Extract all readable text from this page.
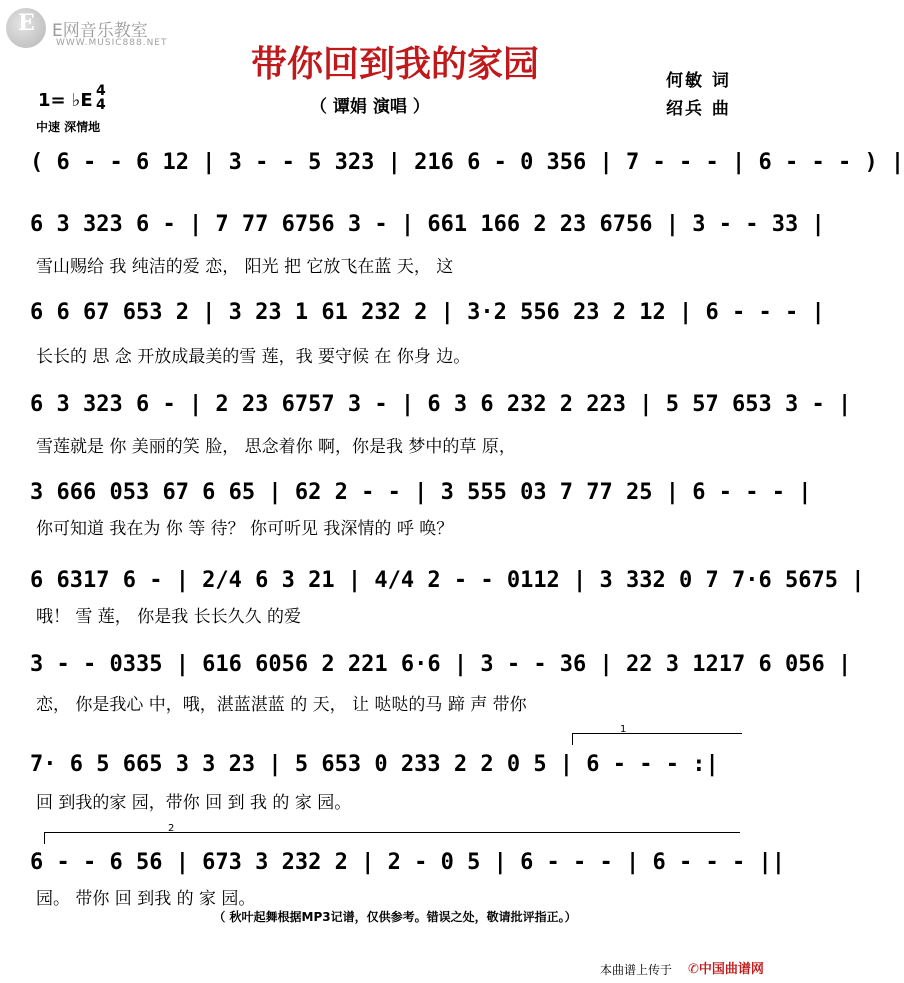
E E网音乐教室
WWW.MUSIC888.NET
带你回到我的家园
（ 谭娟 演唱 ）
何敏 词
绍兵 曲
1= ♭E 4
4
中速 深情地
( 6 - - 6 12 | 3 - - 5 323 | 216 6 - 0 356 | 7 - - - | 6 - - - ) |
6 3 323 6 - | 7 77 6756 3 - | 661 166 2 23 6756 | 3 - - 33 |
雪山赐给 我 纯洁的爱 恋， 阳光 把 它放飞在蓝 天， 这
6 6 67 653 2 | 3 23 1 61 232 2 | 3·2 556 23 2 12 | 6 - - - |
长长的 思 念 开放成最美的雪 莲，我 要守候 在 你身 边。
6 3 323 6 - | 2 23 6757 3 - | 6 3 6 232 2 223 | 5 57 653 3 - |
雪莲就是 你 美丽的笑 脸， 思念着你 啊，你是我 梦中的草 原，
3 666 053 67 6 65 | 62 2 - - | 3 555 03 7 77 25 | 6 - - - |
你可知道 我在为 你 等 待？ 你可听见 我深情的 呼 唤？
6 6317 6 - | 2/4 6 3 21 | 4/4 2 - - 0112 | 3 332 0 7 7·6 5675 |
哦！ 雪 莲， 你是我 长长久久 的爱
3 - - 0335 | 616 6056 2 221 6·6 | 3 - - 36 | 22 3 1217 6 056 |
恋， 你是我心 中，哦，湛蓝湛蓝 的 天， 让 哒哒的马 蹄 声 带你
1
7· 6 5 665 3 3 23 | 5 653 0 233 2 2 0 5 | 6 - - - :|
回 到我的家 园，带你 回 到 我 的 家 园。
2
6 - - 6 56 | 673 3 232 2 | 2 - 0 5 | 6 - - - | 6 - - - ||
园。 带你 回 到我 的 家 园。
（ 秋叶起舞根据MP3记谱，仅供参考。错误之处，敬请批评指正。）
本曲谱上传于 ✆中国曲谱网
